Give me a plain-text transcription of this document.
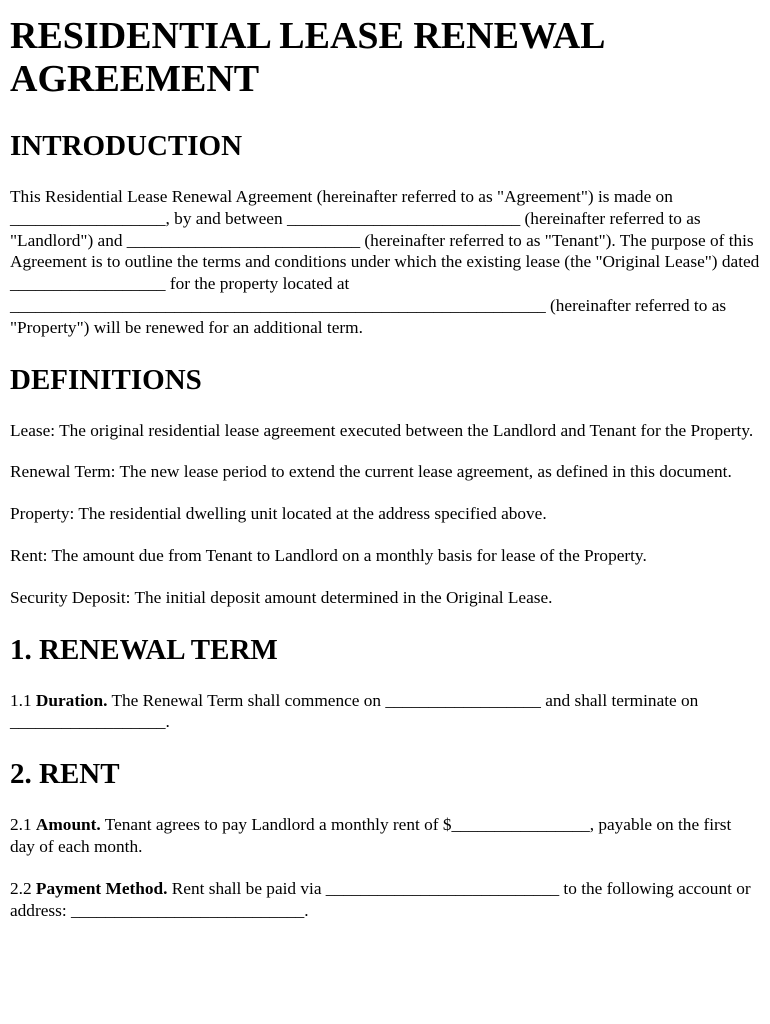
RESIDENTIAL LEASE RENEWAL AGREEMENT
INTRODUCTION

This Residential Lease Renewal Agreement (hereinafter referred to as "Agreement") is made on __________________, by and between ___________________________ (hereinafter referred to as "Landlord") and ___________________________ (hereinafter referred to as "Tenant"). The purpose of this Agreement is to outline the terms and conditions under which the existing lease (the "Original Lease") dated __________________ for the property located at ______________________________________________________________ (hereinafter referred to as "Property") will be renewed for an additional term.

DEFINITIONS

Lease: The original residential lease agreement executed between the Landlord and Tenant for the Property.

Renewal Term: The new lease period to extend the current lease agreement, as defined in this document.

Property: The residential dwelling unit located at the address specified above.

Rent: The amount due from Tenant to Landlord on a monthly basis for lease of the Property.

Security Deposit: The initial deposit amount determined in the Original Lease.

1. RENEWAL TERM

1.1 Duration. The Renewal Term shall commence on __________________ and shall terminate on __________________.

2. RENT

2.1 Amount. Tenant agrees to pay Landlord a monthly rent of $________________, payable on the first day of each month.

2.2 Payment Method. Rent shall be paid via ___________________________ to the following account or address: ___________________________.
